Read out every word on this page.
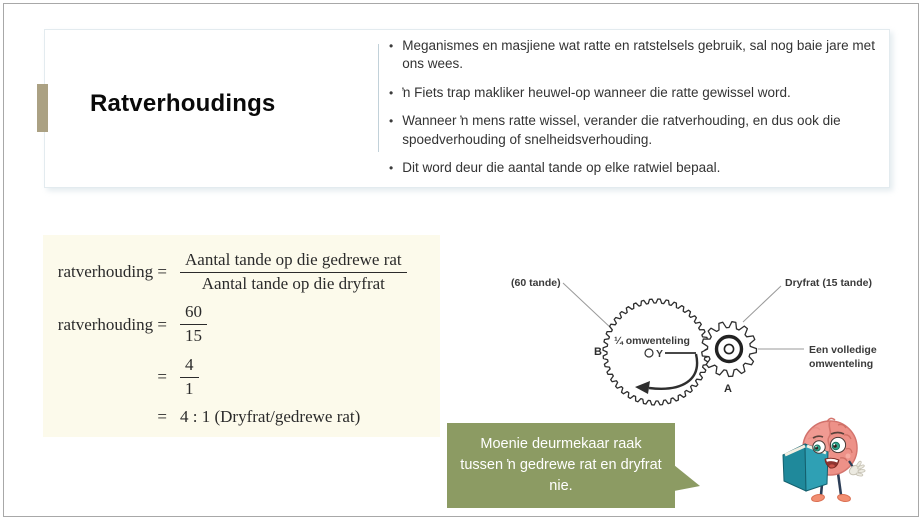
Ratverhoudings
• Meganismes en masjiene wat ratte en ratstelsels gebruik, sal nog baie jare met ons wees.
• ŉ Fiets trap makliker heuwel-op wanneer die ratte gewissel word.
• Wanneer ŉ mens ratte wissel, verander die ratverhouding, en dus ook die spoedverhouding of snelheidsverhouding.
• Dit word deur die aantal tande op elke ratwiel bepaal.
ratverhouding = $\frac{\text{Aantal tande op die gedrewe rat}}{\text{Aantal tande op die dryfrat}}$
ratverhouding = $\frac{60}{15}$
= $\frac{4}{1}$
= 4 : 1 (Dryfrat/gedrewe rat)
(60 tande)	Dryfrat (15 tande)
B
A
¼ omwenteling
Y	Een volledige
omwenteling
Moenie deurmekaar raak tussen ŉ gedrewe rat en dryfrat nie.
